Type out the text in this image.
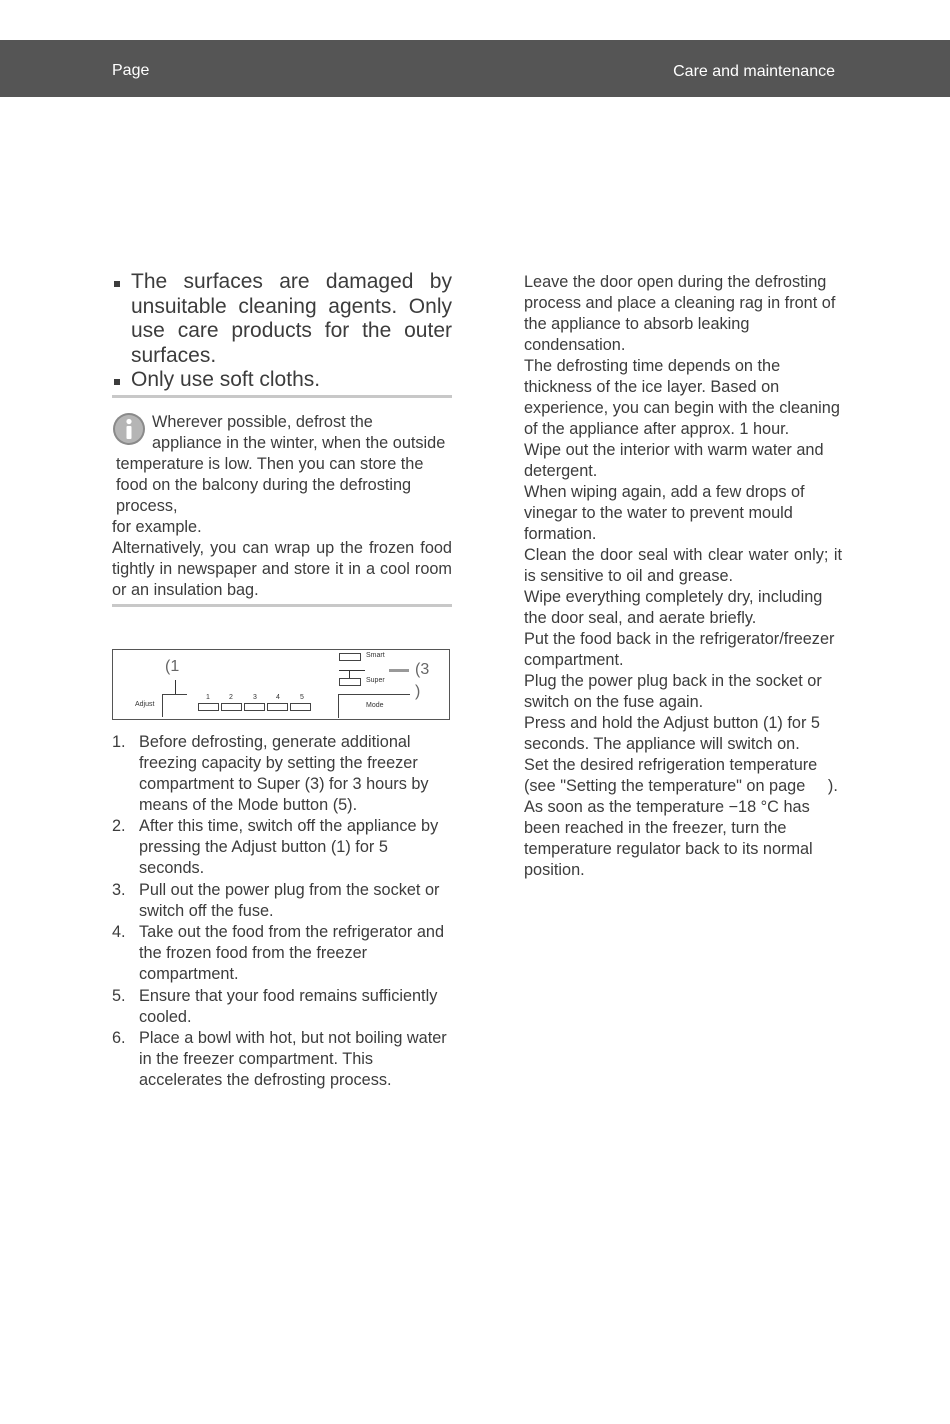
Page	Care and maintenance
The surfaces are damaged by unsuitable cleaning agents. Only use care products for the outer surfaces.
Only use soft cloths.

Wherever possible, defrost the

appliance in the winter, when the outside temperature is low. Then you can store the food on the balcony during the defrosting process,

for example.

Alternatively, you can wrap up the frozen food tightly in newspaper and store it in a cool room or an insulation bag.

(1
Adjust
1	2	3	4	5
Smart
Super
(3
)
Mode
1. Before defrosting, generate additional freezing capacity by setting the freezer compartment to Super (3) for 3 hours by means of the Mode button (5).
2. After this time, switch off the appliance by pressing the Adjust button (1) for 5 seconds.
3. Pull out the power plug from the socket or switch off the fuse.
4. Take out the food from the refrigerator and the frozen food from the freezer compartment.
5. Ensure that your food remains sufficiently cooled.
6. Place a bowl with hot, but not boiling water in the freezer compartment. This accelerates the defrosting process.

Leave the door open during the defrosting process and place a cleaning rag in front of the appliance to absorb leaking condensation.

The defrosting time depends on the thickness of the ice layer. Based on experience, you can begin with the cleaning of the appliance after approx. 1 hour.

Wipe out the interior with warm water and detergent.

When wiping again, add a few drops of vinegar to the water to prevent mould formation.

Clean the door seal with clear water only; it is sensitive to oil and grease.

Wipe everything completely dry, including the door seal, and aerate briefly.

Put the food back in the refrigerator/freezer compartment.

Plug the power plug back in the socket or switch on the fuse again.

Press and hold the Adjust button (1) for 5 seconds. The appliance will switch on.

Set the desired refrigeration temperature (see "Setting the temperature" on page     ).

As soon as the temperature −18 °C has been reached in the freezer, turn the temperature regulator back to its normal position.
